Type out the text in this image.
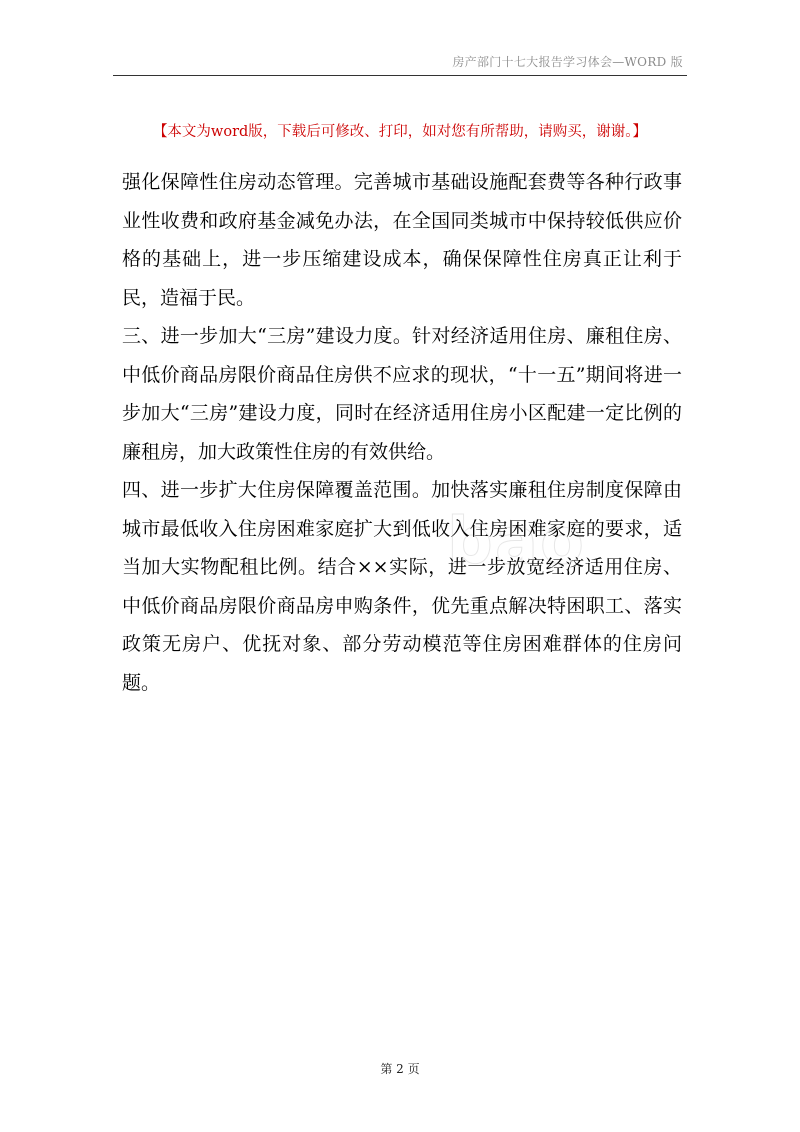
房产部门十七大报告学习体会—WORD 版
【本文为word版，下载后可修改、打印，如对您有所帮助，请购买，谢谢。】

强化保障性住房动态管理。完善城市基础设施配套费等各种行政事业性收费和政府基金减免办法，在全国同类城市中保持较低供应价格的基础上，进一步压缩建设成本，确保保障性住房真正让利于民，造福于民。

三、进一步加大“三房”建设力度。针对经济适用住房、廉租住房、中低价商品房限价商品住房供不应求的现状，“十一五”期间将进一步加大“三房”建设力度，同时在经济适用住房小区配建一定比例的廉租房，加大政策性住房的有效供给。

四、进一步扩大住房保障覆盖范围。加快落实廉租住房制度保障由城市最低收入住房困难家庭扩大到低收入住房困难家庭的要求，适当加大实物配租比例。结合××实际，进一步放宽经济适用住房、中低价商品房限价商品房申购条件，优先重点解决特困职工、落实政策无房户、优抚对象、部分劳动模范等住房困难群体的住房问题。

bao
第 2 页
